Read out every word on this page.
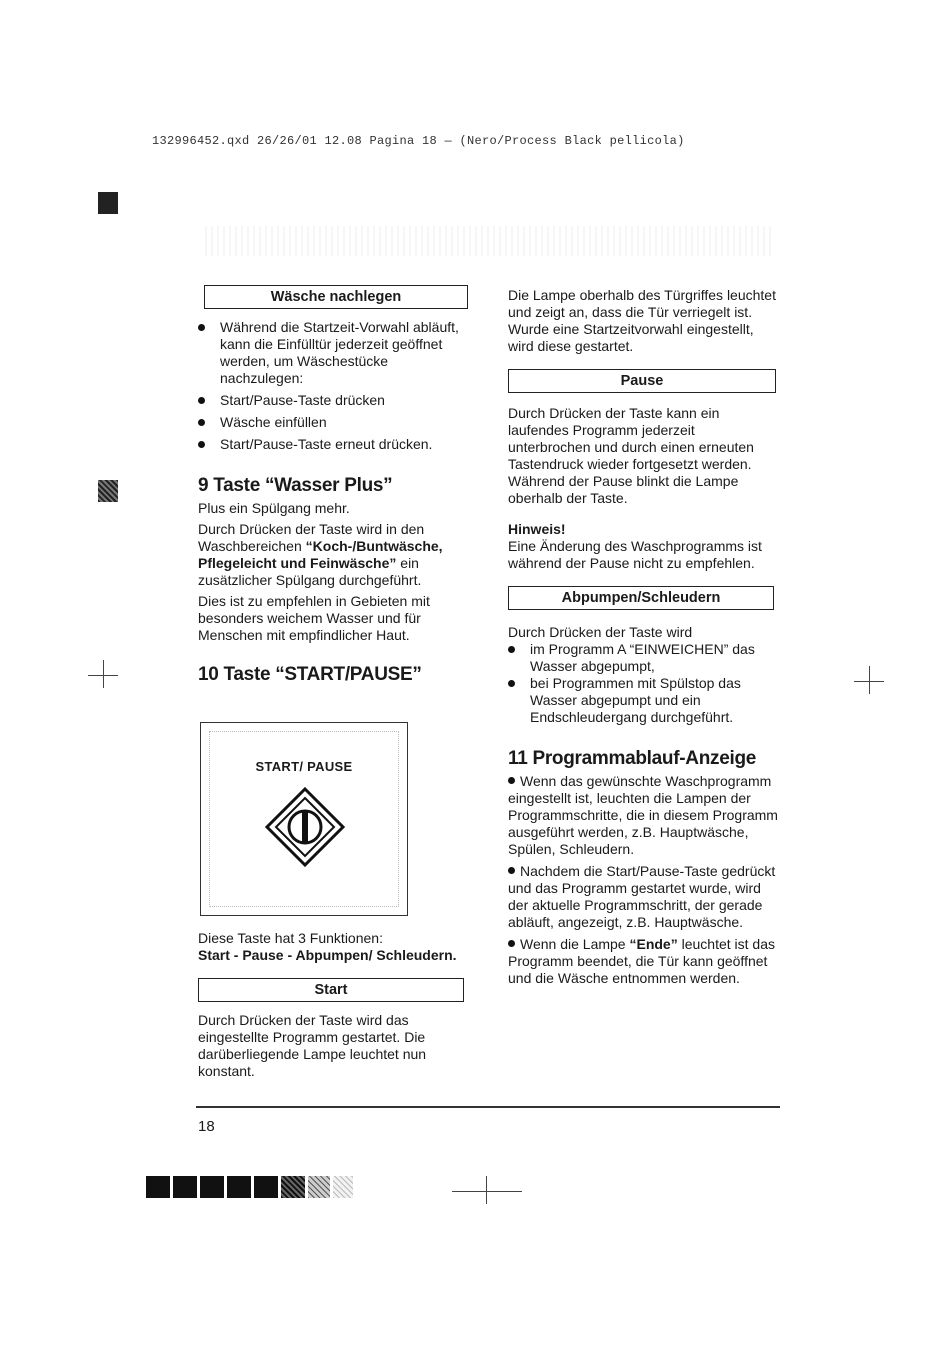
132996452.qxd 26/26/01 12.08 Pagina 18 — (Nero/Process Black pellicola)
Wäsche nachlegen

Während die Startzeit-Vorwahl abläuft, kann die Einfülltür jederzeit geöffnet werden, um Wäschestücke nachzulegen:

Start/Pause-Taste drücken

Wäsche einfüllen

Start/Pause-Taste erneut drücken.

9 Taste “Wasser Plus”

Plus ein Spülgang mehr.

Durch Drücken der Taste wird in den Waschbereichen “Koch-/Buntwäsche, Pflegeleicht und Feinwäsche” ein zusätzlicher Spülgang durchgeführt.

Dies ist zu empfehlen in Gebieten mit besonders weichem Wasser und für Menschen mit empfindlicher Haut.

10 Taste “START/PAUSE”
START/ PAUSE

Diese Taste hat 3 Funktionen:

Start - Pause - Abpumpen/ Schleudern.

Start

Durch Drücken der Taste wird das eingestellte Programm gestartet. Die darüberliegende Lampe leuchtet nun konstant.

Die Lampe oberhalb des Türgriffes leuchtet und zeigt an, dass die Tür verriegelt ist.

Wurde eine Startzeitvorwahl eingestellt, wird diese gestartet.

Pause

Durch Drücken der Taste kann ein laufendes Programm jederzeit unterbrochen und durch einen erneuten Tastendruck wieder fortgesetzt werden. Während der Pause blinkt die Lampe oberhalb der Taste.

Hinweis!

Eine Änderung des Waschprogramms ist während der Pause nicht zu empfehlen.

Abpumpen/Schleudern

Durch Drücken der Taste wird

im Programm A “EINWEICHEN” das Wasser abgepumpt,

bei Programmen mit Spülstop das Wasser abgepumpt und ein Endschleudergang durchgeführt.

11 Programmablauf-Anzeige

Wenn das gewünschte Waschprogramm eingestellt ist, leuchten die Lampen der Programmschritte, die in diesem Programm ausgeführt werden, z.B. Hauptwäsche, Spülen, Schleudern.

Nachdem die Start/Pause-Taste gedrückt und das Programm gestartet wurde, wird der aktuelle Programmschritt, der gerade abläuft, angezeigt, z.B. Hauptwäsche.

Wenn die Lampe “Ende” leuchtet ist das Programm beendet, die Tür kann geöffnet und die Wäsche entnommen werden.

18
